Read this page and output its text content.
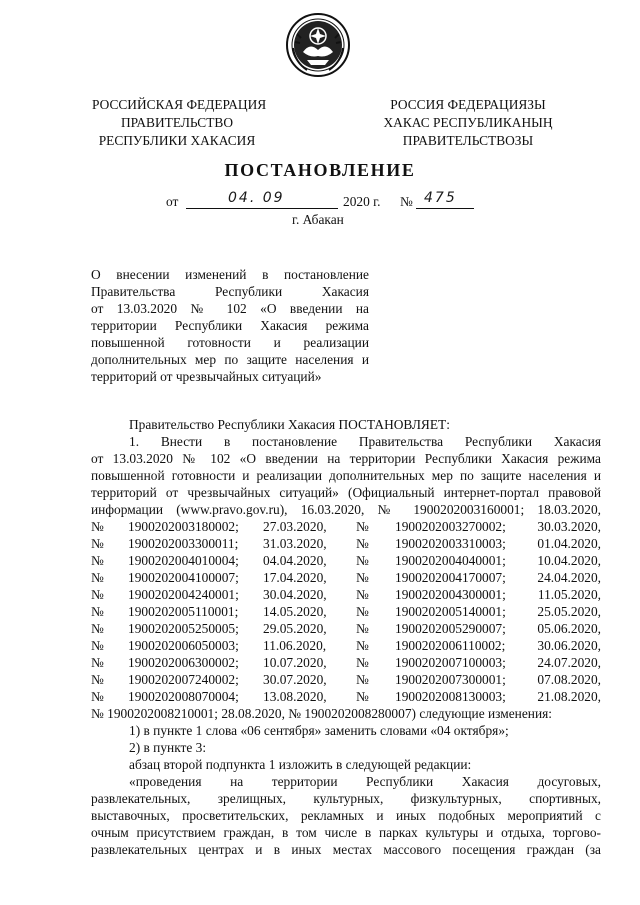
РОССИЙСКАЯ ФЕДЕРАЦИЯ
ПРАВИТЕЛЬСТВО
РЕСПУБЛИКИ ХАКАСИЯ
РОССИЯ ФЕДЕРАЦИЯЗЫ
ХАКАС РЕСПУБЛИКАНЫҢ
ПРАВИТЕЛЬСТВОЗЫ
ПОСТАНОВЛЕНИЕ
от	04. 09	2020 г. № 475
г. Абакан
О внесении изменений в постановление
Правительства Республики Хакасия
от 13.03.2020 № 102 «О введении на
территории Республики Хакасия режима
повышенной готовности и реализации
дополнительных мер по защите населения и
территорий от чрезвычайных ситуаций»
Правительство Республики Хакасия ПОСТАНОВЛЯЕТ:
1. Внести в постановление Правительства Республики Хакасия
от 13.03.2020 № 102 «О введении на территории Республики Хакасия режима
повышенной готовности и реализации дополнительных мер по защите населения и
территорий от чрезвычайных ситуаций» (Официальный интернет-портал правовой
информации (www.pravo.gov.ru), 16.03.2020, № 1900202003160001; 18.03.2020,
№ 1900202003180002; 27.03.2020, № 1900202003270002; 30.03.2020,
№ 1900202003300011; 31.03.2020, № 1900202003310003; 01.04.2020,
№ 1900202004010004; 04.04.2020, № 1900202004040001; 10.04.2020,
№ 1900202004100007; 17.04.2020, № 1900202004170007; 24.04.2020,
№ 1900202004240001; 30.04.2020, № 1900202004300001; 11.05.2020,
№ 1900202005110001; 14.05.2020, № 1900202005140001; 25.05.2020,
№ 1900202005250005; 29.05.2020, № 1900202005290007; 05.06.2020,
№ 1900202006050003; 11.06.2020, № 1900202006110002; 30.06.2020,
№ 1900202006300002; 10.07.2020, № 1900202007100003; 24.07.2020,
№ 1900202007240002; 30.07.2020, № 1900202007300001; 07.08.2020,
№ 1900202008070004; 13.08.2020, № 1900202008130003; 21.08.2020,
№ 1900202008210001; 28.08.2020, № 1900202008280007) следующие изменения:
1) в пункте 1 слова «06 сентября» заменить словами «04 октября»;
2) в пункте 3:
абзац второй подпункта 1 изложить в следующей редакции:
«проведения на территории Республики Хакасия досуговых,
развлекательных, зрелищных, культурных, физкультурных, спортивных,
выставочных, просветительских, рекламных и иных подобных мероприятий с
очным присутствием граждан, в том числе в парках культуры и отдыха, торгово-
развлекательных центрах и в иных местах массового посещения граждан (за
